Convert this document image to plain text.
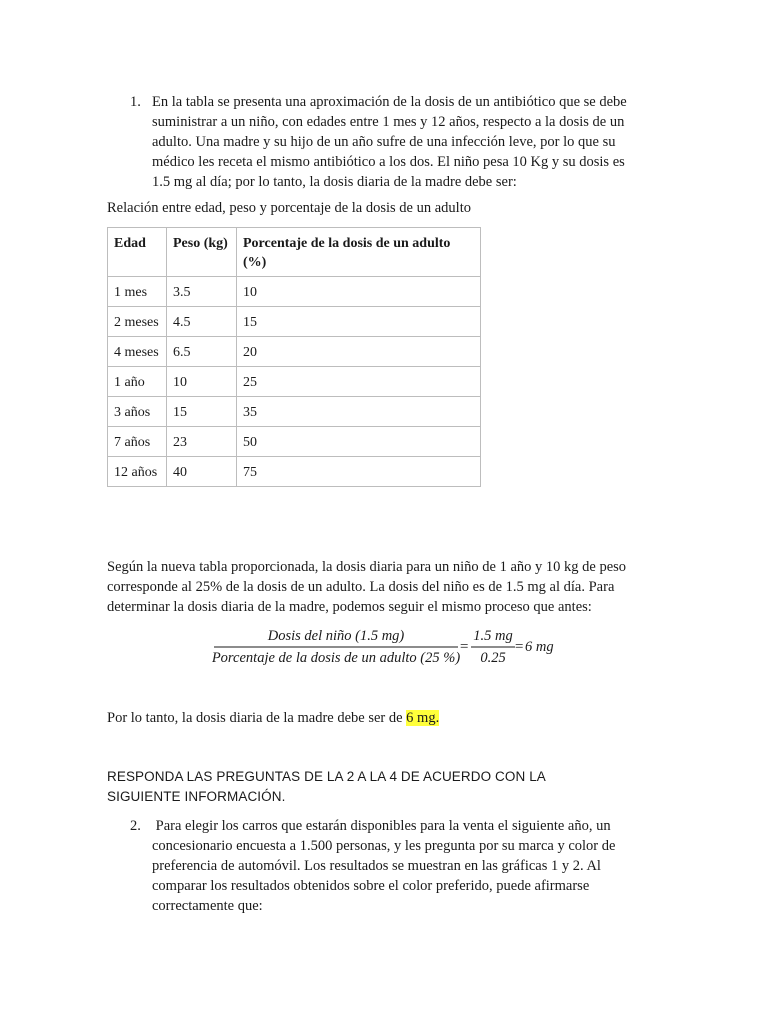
1. En la tabla se presenta una aproximación de la dosis de un antibiótico que se debe
suministrar a un niño, con edades entre 1 mes y 12 años, respecto a la dosis de un
adulto. Una madre y su hijo de un año sufre de una infección leve, por lo que su
médico les receta el mismo antibiótico a los dos. El niño pesa 10 Kg y su dosis es
1.5 mg al día; por lo tanto, la dosis diaria de la madre debe ser:
Relación entre edad, peso y porcentaje de la dosis de un adulto
Edad	Peso (kg)	Porcentaje de la dosis de un adulto (%)
1 mes	3.5	10
2 meses	4.5	15
4 meses	6.5	20
1 año	10	25
3 años	15	35
7 años	23	50
12 años	40	75
Según la nueva tabla proporcionada, la dosis diaria para un niño de 1 año y 10 kg de peso
corresponde al 25% de la dosis de un adulto. La dosis del niño es de 1.5 mg al día. Para
determinar la dosis diaria de la madre, podemos seguir el mismo proceso que antes:
Dosis del niño (1.5 mg)
Porcentaje de la dosis de un adulto (25 %)
=
1.5 mg
0.25
= 6 mg
Por lo tanto, la dosis diaria de la madre debe ser de 6 mg.
RESPONDA LAS PREGUNTAS DE LA 2 A LA 4 DE ACUERDO CON LA
SIGUIENTE INFORMACIÓN.
2. Para elegir los carros que estarán disponibles para la venta el siguiente año, un
concesionario encuesta a 1.500 personas, y les pregunta por su marca y color de
preferencia de automóvil. Los resultados se muestran en las gráficas 1 y 2. Al
comparar los resultados obtenidos sobre el color preferido, puede afirmarse
correctamente que:
